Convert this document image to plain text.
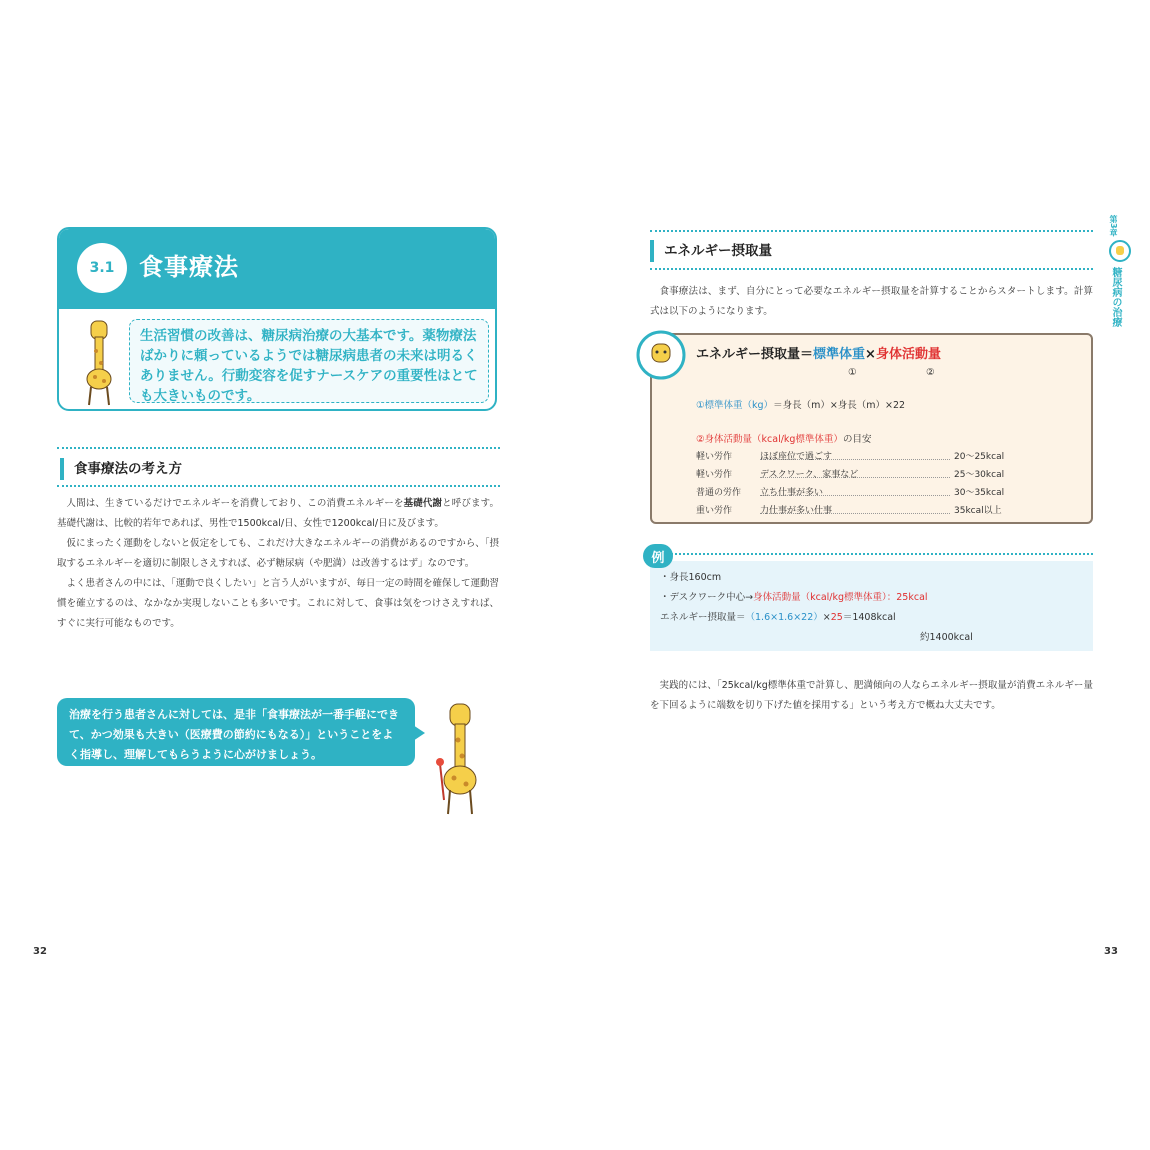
3.1	食事療法
生活習慣の改善は、糖尿病治療の大基本です。薬物療法ばかりに頼っているようでは糖尿病患者の未来は明るくありません。行動変容を促すナースケアの重要性はとても大きいものです。
食事療法の考え方

人間は、生きているだけでエネルギーを消費しており、この消費エネルギーを基礎代謝と呼びます。基礎代謝は、比較的若年であれば、男性で1500kcal/日、女性で1200kcal/日に及びます。

仮にまったく運動をしないと仮定をしても、これだけ大きなエネルギーの消費があるのですから、「摂取するエネルギーを適切に制限しさえすれば、必ず糖尿病（や肥満）は改善するはず」なのです。

よく患者さんの中には、「運動で良くしたい」と言う人がいますが、毎日一定の時間を確保して運動習慣を確立するのは、なかなか実現しないことも多いです。これに対して、食事は気をつけさえすれば、すぐに実行可能なものです。

治療を行う患者さんに対しては、是非「食事療法が一番手軽にできて、かつ効果も大きい（医療費の節約にもなる）」ということをよく指導し、理解してもらうように心がけましょう。
32
エネルギー摂取量

食事療法は、まず、自分にとって必要なエネルギー摂取量を計算することからスタートします。計算式は以下のようになります。

エネルギー摂取量＝標準体重×身体活動量
①	②
①標準体重（kg）＝身長（m）×身長（m）×22
②身体活動量（kcal/kg標準体重）の目安
軽い労作	ほぼ座位で過ごす	20〜25kcal
軽い労作	デスクワーク、家事など	25〜30kcal
普通の労作	立ち仕事が多い	30〜35kcal
重い労作	力仕事が多い仕事	35kcal以上
・身長160cm
・デスクワーク中心→身体活動量（kcal/kg標準体重）：25kcal
エネルギー摂取量＝（1.6×1.6×22）×25＝1408kcal
約1400kcal
例

実践的には、「25kcal/kg標準体重で計算し、肥満傾向の人ならエネルギー摂取量が消費エネルギー量を下回るように端数を切り下げた値を採用する」という考え方で概ね大丈夫です。

第3章
糖尿病の治療
33
